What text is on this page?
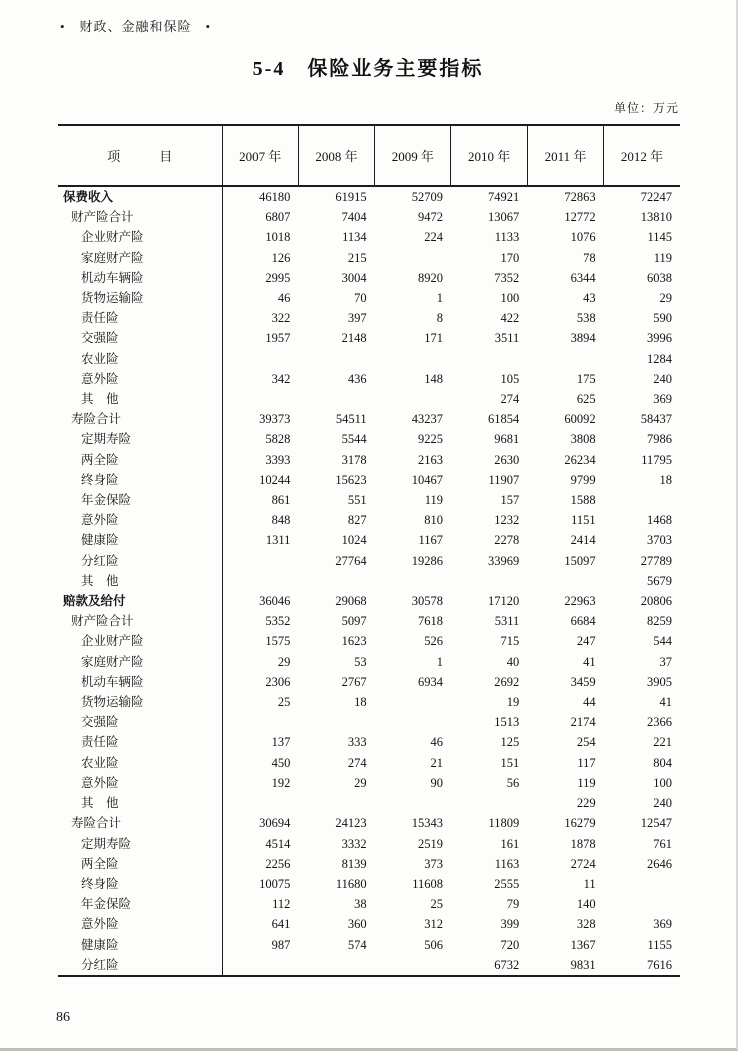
•　财政、金融和保险　•
5-4　保险业务主要指标
单位：万元
项　　　目	2007 年	2008 年	2009 年	2010 年	2011 年	2012 年
保费收入	46180	61915	52709	74921	72863	72247
财产险合计	6807	7404	9472	13067	12772	13810
企业财产险	1018	1134	224	1133	1076	1145
家庭财产险	126	215		170	78	119
机动车辆险	2995	3004	8920	7352	6344	6038
货物运输险	46	70	1	100	43	29
责任险	322	397	8	422	538	590
交强险	1957	2148	171	3511	3894	3996
农业险						1284
意外险	342	436	148	105	175	240
其　他				274	625	369
寿险合计	39373	54511	43237	61854	60092	58437
定期寿险	5828	5544	9225	9681	3808	7986
两全险	3393	3178	2163	2630	26234	11795
终身险	10244	15623	10467	11907	9799	18
年金保险	861	551	119	157	1588	
意外险	848	827	810	1232	1151	1468
健康险	1311	1024	1167	2278	2414	3703
分红险		27764	19286	33969	15097	27789
其　他						5679
赔款及给付	36046	29068	30578	17120	22963	20806
财产险合计	5352	5097	7618	5311	6684	8259
企业财产险	1575	1623	526	715	247	544
家庭财产险	29	53	1	40	41	37
机动车辆险	2306	2767	6934	2692	3459	3905
货物运输险	25	18		19	44	41
交强险				1513	2174	2366
责任险	137	333	46	125	254	221
农业险	450	274	21	151	117	804
意外险	192	29	90	56	119	100
其　他					229	240
寿险合计	30694	24123	15343	11809	16279	12547
定期寿险	4514	3332	2519	161	1878	761
两全险	2256	8139	373	1163	2724	2646
终身险	10075	11680	11608	2555	11	
年金保险	112	38	25	79	140	
意外险	641	360	312	399	328	369
健康险	987	574	506	720	1367	1155
分红险				6732	9831	7616
86
